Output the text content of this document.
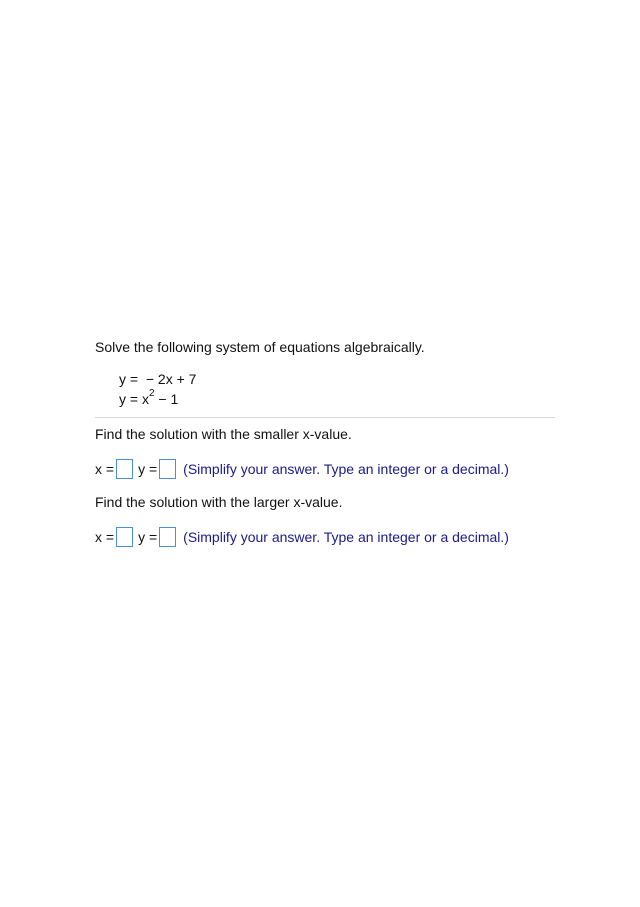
Solve the following system of equations algebraically.

y =  − 2x + 7
$y = x^2 - 1$

Find the solution with the smaller x-value.

x = y = (Simplify your answer. Type an integer or a decimal.)

Find the solution with the larger x-value.

x = y = (Simplify your answer. Type an integer or a decimal.)
